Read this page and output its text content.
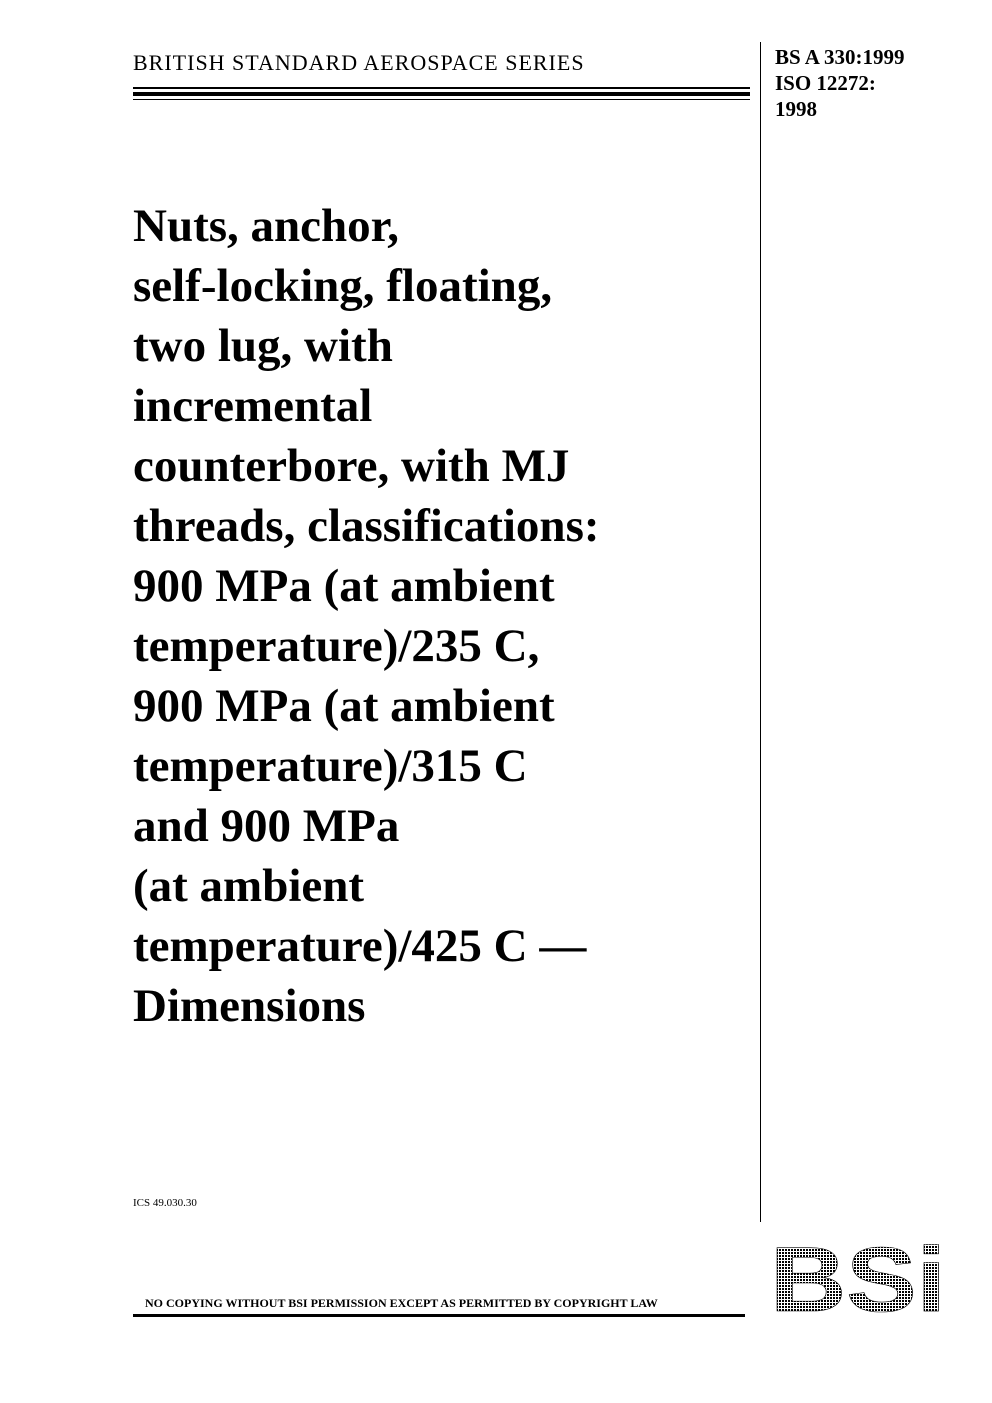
BRITISH STANDARD AEROSPACE SERIES	BS A 330:1999
ISO 12272:
1998
Nuts, anchor,
self-locking, floating,
two lug, with
incremental
counterbore, with MJ
threads, classifications:
900 MPa (at ambient
temperature)/235 C,
900 MPa (at ambient
temperature)/315 C
and 900 MPa
(at ambient
temperature)/425 C —
Dimensions
ICS 49.030.30
NO COPYING WITHOUT BSI PERMISSION EXCEPT AS PERMITTED BY COPYRIGHT LAW BSi
